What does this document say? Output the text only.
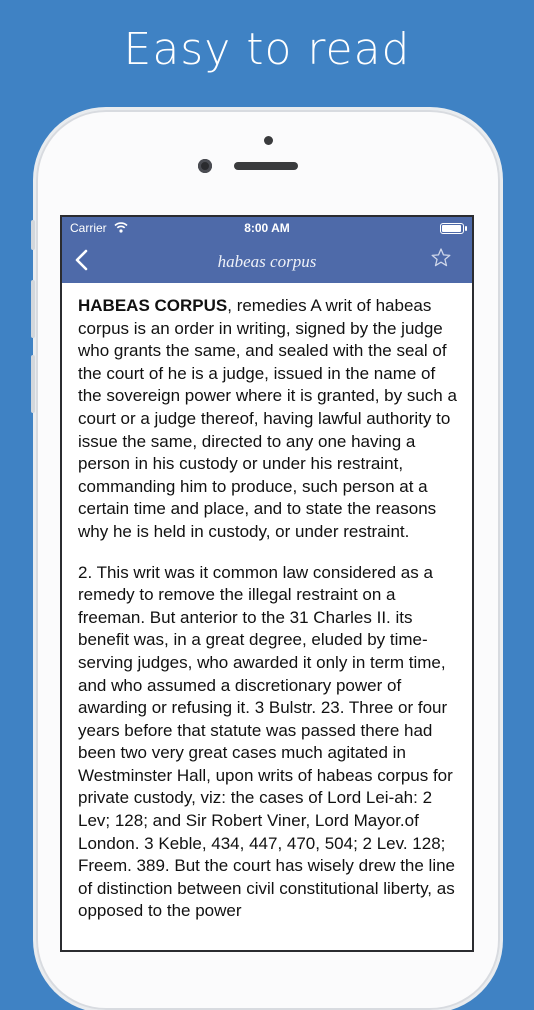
Easy to read
Carrier	8:00 AM
habeas corpus

HABEAS CORPUS, remedies A writ of habeas corpus is an order in writing, signed by the judge who grants the same, and sealed with the seal of the court of he is a judge, issued in the name of the sovereign power where it is granted, by such a court or a judge thereof, having lawful authority to issue the same, directed to any one having a person in his custody or under his restraint, commanding him to produce, such person at a certain time and place, and to state the reasons why he is held in custody, or under restraint.

2. This writ was it common law considered as a remedy to remove the illegal restraint on a freeman. But anterior to the 31 Charles II. its benefit was, in a great degree, eluded by time-serving judges, who awarded it only in term time, and who assumed a discretionary power of awarding or refusing it. 3 Bulstr. 23. Three or four years before that statute was passed there had been two very great cases much agitated in Westminster Hall, upon writs of habeas corpus for private custody, viz: the cases of Lord Lei-ah: 2 Lev; 128; and Sir Robert Viner, Lord Mayor.of London. 3 Keble, 434, 447, 470, 504; 2 Lev. 128; Freem. 389. But the court has wisely drew the line of distinction between civil constitutional liberty, as opposed to the power
